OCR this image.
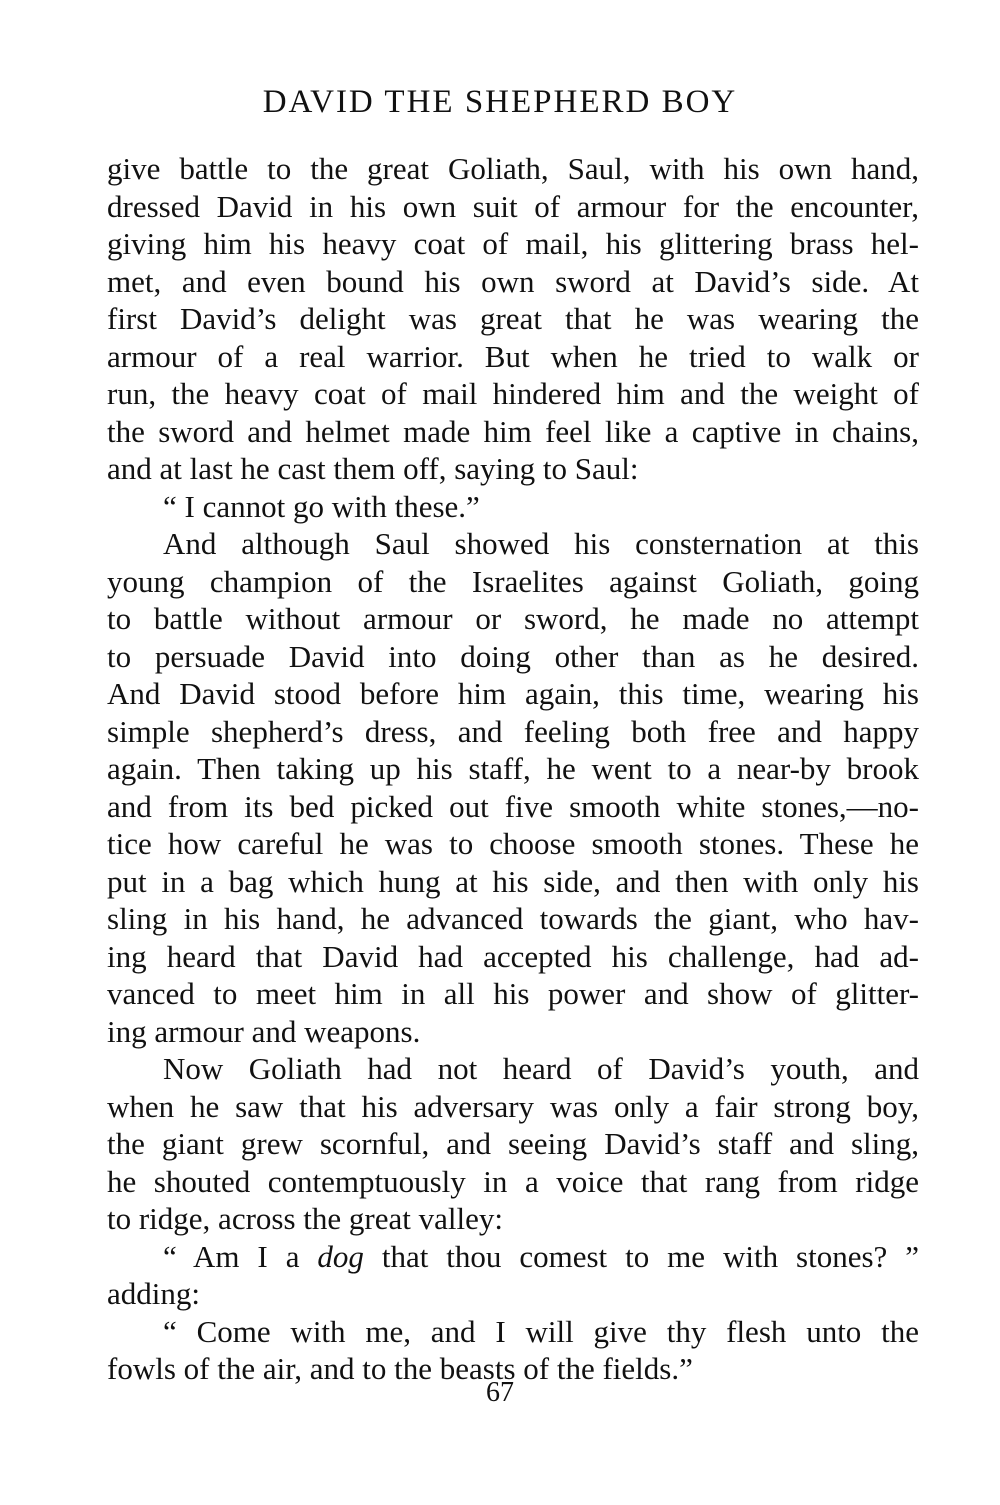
DAVID THE SHEPHERD BOY
give battle to the great Goliath, Saul, with his own hand,
dressed David in his own suit of armour for the encounter,
giving him his heavy coat of mail, his glittering brass hel-
met, and even bound his own sword at David’s side. At
first David’s delight was great that he was wearing the
armour of a real warrior. But when he tried to walk or
run, the heavy coat of mail hindered him and the weight of
the sword and helmet made him feel like a captive in chains,
and at last he cast them off, saying to Saul:
“ I cannot go with these.”
And although Saul showed his consternation at this
young champion of the Israelites against Goliath, going
to battle without armour or sword, he made no attempt
to persuade David into doing other than as he desired.
And David stood before him again, this time, wearing his
simple shepherd’s dress, and feeling both free and happy
again. Then taking up his staff, he went to a near-by brook
and from its bed picked out five smooth white stones,—no-
tice how careful he was to choose smooth stones. These he
put in a bag which hung at his side, and then with only his
sling in his hand, he advanced towards the giant, who hav-
ing heard that David had accepted his challenge, had ad-
vanced to meet him in all his power and show of glitter-
ing armour and weapons.
Now Goliath had not heard of David’s youth, and
when he saw that his adversary was only a fair strong boy,
the giant grew scornful, and seeing David’s staff and sling,
he shouted contemptuously in a voice that rang from ridge
to ridge, across the great valley:
“ Am I a dog that thou comest to me with stones? ”
adding:
“ Come with me, and I will give thy flesh unto the
fowls of the air, and to the beasts of the fields.”
67
